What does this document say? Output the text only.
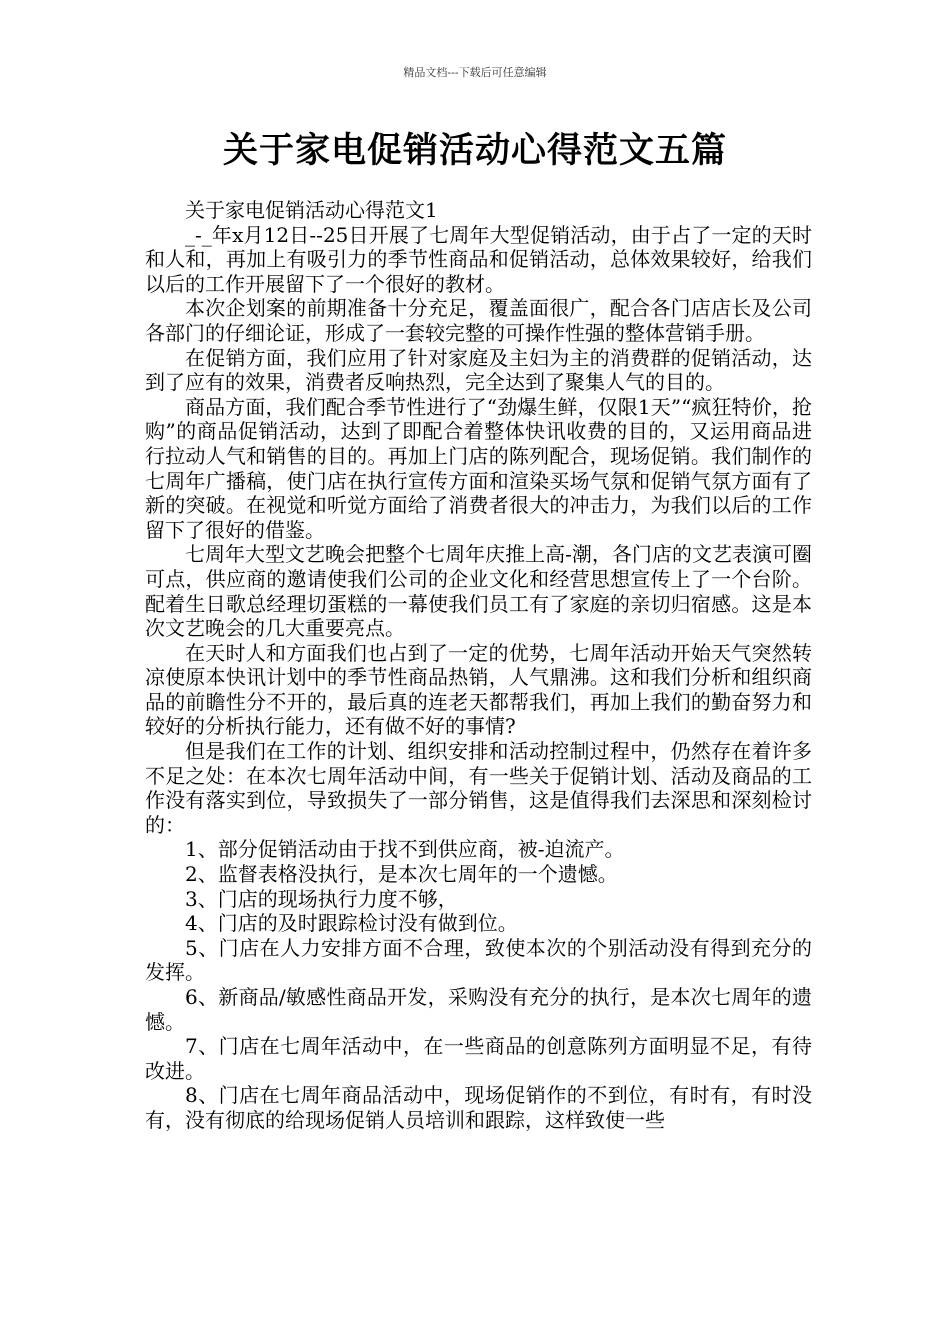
精品文档---下载后可任意编辑
关于家电促销活动心得范文五篇

关于家电促销活动心得范文1

_-_年x月12日--25日开展了七周年大型促销活动，由于占了一定的天时和人和，再加上有吸引力的季节性商品和促销活动，总体效果较好，给我们以后的工作开展留下了一个很好的教材。

本次企划案的前期准备十分充足，覆盖面很广，配合各门店店长及公司各部门的仔细论证，形成了一套较完整的可操作性强的整体营销手册。

在促销方面，我们应用了针对家庭及主妇为主的消费群的促销活动，达到了应有的效果，消费者反响热烈，完全达到了聚集人气的目的。

商品方面，我们配合季节性进行了“劲爆生鲜，仅限1天”“疯狂特价，抢购”的商品促销活动，达到了即配合着整体快讯收费的目的，又运用商品进行拉动人气和销售的目的。再加上门店的陈列配合，现场促销。我们制作的七周年广播稿，使门店在执行宣传方面和渲染买场气氛和促销气氛方面有了新的突破。在视觉和听觉方面给了消费者很大的冲击力，为我们以后的工作留下了很好的借鉴。

七周年大型文艺晚会把整个七周年庆推上高-潮，各门店的文艺表演可圈可点，供应商的邀请使我们公司的企业文化和经营思想宣传上了一个台阶。配着生日歌总经理切蛋糕的一幕使我们员工有了家庭的亲切归宿感。这是本次文艺晚会的几大重要亮点。

在天时人和方面我们也占到了一定的优势，七周年活动开始天气突然转凉使原本快讯计划中的季节性商品热销，人气鼎沸。这和我们分析和组织商品的前瞻性分不开的，最后真的连老天都帮我们，再加上我们的勤奋努力和较好的分析执行能力，还有做不好的事情?

但是我们在工作的计划、组织安排和活动控制过程中，仍然存在着许多不足之处：在本次七周年活动中间，有一些关于促销计划、活动及商品的工作没有落实到位，导致损失了一部分销售，这是值得我们去深思和深刻检讨的：

1、部分促销活动由于找不到供应商，被-迫流产。

2、监督表格没执行，是本次七周年的一个遗憾。

3、门店的现场执行力度不够，

4、门店的及时跟踪检讨没有做到位。

5、门店在人力安排方面不合理，致使本次的个别活动没有得到充分的发挥。

6、新商品/敏感性商品开发，采购没有充分的执行，是本次七周年的遗憾。

7、门店在七周年活动中，在一些商品的创意陈列方面明显不足，有待改进。

8、门店在七周年商品活动中，现场促销作的不到位，有时有，有时没有，没有彻底的给现场促销人员培训和跟踪，这样致使一些
